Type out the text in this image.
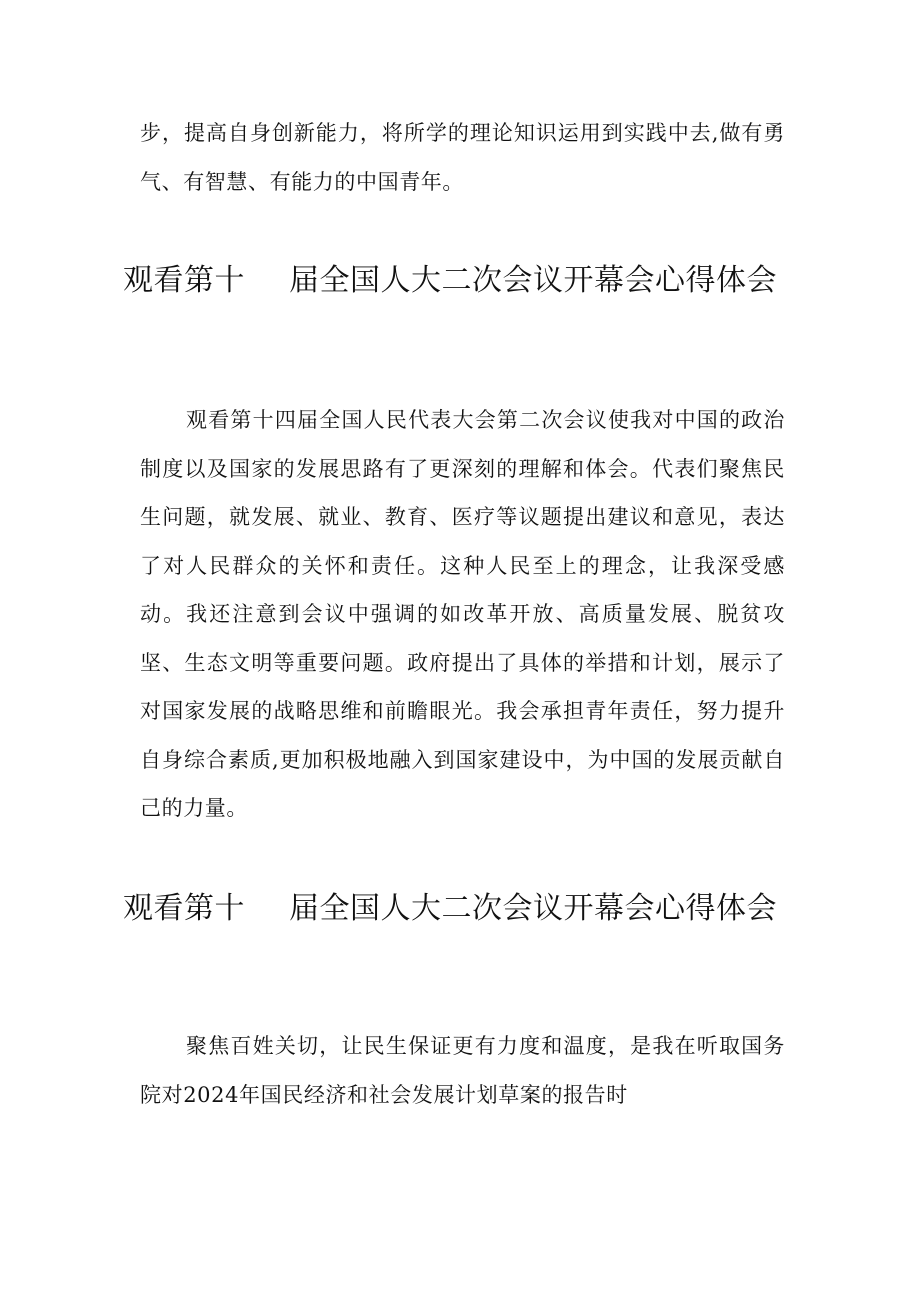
步，提高自身创新能力，将所学的理论知识运用到实践中去,做有勇气、有智慧、有能力的中国青年。

观看第十 届全国人大二次会议开幕会心得体会

观看第十四届全国人民代表大会第二次会议使我对中国的政治制度以及国家的发展思路有了更深刻的理解和体会。代表们聚焦民生问题，就发展、就业、教育、医疗等议题提出建议和意见，表达了对人民群众的关怀和责任。这种人民至上的理念，让我深受感动。我还注意到会议中强调的如改革开放、高质量发展、脱贫攻坚、生态文明等重要问题。政府提出了具体的举措和计划，展示了对国家发展的战略思维和前瞻眼光。我会承担青年责任，努力提升自身综合素质,更加积极地融入到国家建设中，为中国的发展贡献自己的力量。

观看第十 届全国人大二次会议开幕会心得体会

聚焦百姓关切，让民生保证更有力度和温度，是我在听取国务院对2024年国民经济和社会发展计划草案的报告时
